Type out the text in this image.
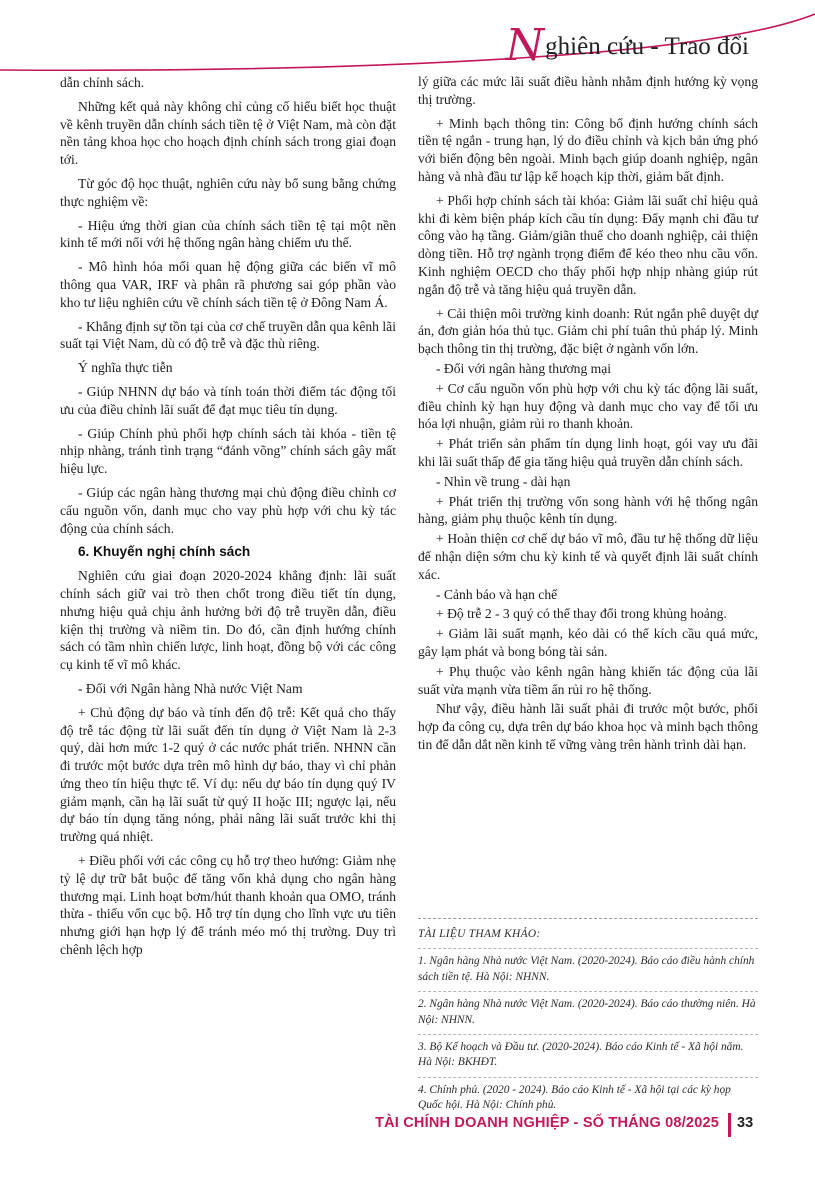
Nghiên cứu - Trao đổi

dẫn chính sách.

Những kết quả này không chỉ củng cố hiểu biết học thuật về kênh truyền dẫn chính sách tiền tệ ở Việt Nam, mà còn đặt nền tảng khoa học cho hoạch định chính sách trong giai đoạn tới.

Từ góc độ học thuật, nghiên cứu này bổ sung bằng chứng thực nghiệm về:

- Hiệu ứng thời gian của chính sách tiền tệ tại một nền kinh tế mới nổi với hệ thống ngân hàng chiếm ưu thế.

- Mô hình hóa mối quan hệ động giữa các biến vĩ mô thông qua VAR, IRF và phân rã phương sai góp phần vào kho tư liệu nghiên cứu về chính sách tiền tệ ở Đông Nam Á.

- Khẳng định sự tồn tại của cơ chế truyền dẫn qua kênh lãi suất tại Việt Nam, dù có độ trễ và đặc thù riêng.

Ý nghĩa thực tiễn

- Giúp NHNN dự báo và tính toán thời điểm tác động tối ưu của điều chỉnh lãi suất để đạt mục tiêu tín dụng.

- Giúp Chính phủ phối hợp chính sách tài khóa - tiền tệ nhịp nhàng, tránh tình trạng “đánh võng” chính sách gây mất hiệu lực.

- Giúp các ngân hàng thương mại chủ động điều chỉnh cơ cấu nguồn vốn, danh mục cho vay phù hợp với chu kỳ tác động của chính sách.

6. Khuyến nghị chính sách

Nghiên cứu giai đoạn 2020-2024 khẳng định: lãi suất chính sách giữ vai trò then chốt trong điều tiết tín dụng, nhưng hiệu quả chịu ảnh hưởng bởi độ trễ truyền dẫn, điều kiện thị trường và niềm tin. Do đó, cần định hướng chính sách có tầm nhìn chiến lược, linh hoạt, đồng bộ với các công cụ kinh tế vĩ mô khác.

- Đối với Ngân hàng Nhà nước Việt Nam

+ Chủ động dự báo và tính đến độ trễ: Kết quả cho thấy độ trễ tác động từ lãi suất đến tín dụng ở Việt Nam là 2-3 quý, dài hơn mức 1-2 quý ở các nước phát triển. NHNN cần đi trước một bước dựa trên mô hình dự báo, thay vì chỉ phản ứng theo tín hiệu thực tế. Ví dụ: nếu dự báo tín dụng quý IV giảm mạnh, cần hạ lãi suất từ quý II hoặc III; ngược lại, nếu dự báo tín dụng tăng nóng, phải nâng lãi suất trước khi thị trường quá nhiệt.

+ Điều phối với các công cụ hỗ trợ theo hướng: Giảm nhẹ tỷ lệ dự trữ bắt buộc để tăng vốn khả dụng cho ngân hàng thương mại. Linh hoạt bơm/hút thanh khoản qua OMO, tránh thừa - thiếu vốn cục bộ. Hỗ trợ tín dụng cho lĩnh vực ưu tiên nhưng giới hạn hợp lý để tránh méo mó thị trường. Duy trì chênh lệch hợp

lý giữa các mức lãi suất điều hành nhằm định hướng kỳ vọng thị trường.

+ Minh bạch thông tin: Công bố định hướng chính sách tiền tệ ngắn - trung hạn, lý do điều chỉnh và kịch bản ứng phó với biến động bên ngoài. Minh bạch giúp doanh nghiệp, ngân hàng và nhà đầu tư lập kế hoạch kịp thời, giảm bất định.

+ Phối hợp chính sách tài khóa: Giảm lãi suất chỉ hiệu quả khi đi kèm biện pháp kích cầu tín dụng: Đẩy mạnh chi đầu tư công vào hạ tầng. Giảm/giãn thuế cho doanh nghiệp, cải thiện dòng tiền. Hỗ trợ ngành trọng điểm để kéo theo nhu cầu vốn. Kinh nghiệm OECD cho thấy phối hợp nhịp nhàng giúp rút ngắn độ trễ và tăng hiệu quả truyền dẫn.

+ Cải thiện môi trường kinh doanh: Rút ngắn phê duyệt dự án, đơn giản hóa thủ tục. Giảm chi phí tuân thủ pháp lý. Minh bạch thông tin thị trường, đặc biệt ở ngành vốn lớn.

- Đối với ngân hàng thương mại

+ Cơ cấu nguồn vốn phù hợp với chu kỳ tác động lãi suất, điều chỉnh kỳ hạn huy động và danh mục cho vay để tối ưu hóa lợi nhuận, giảm rủi ro thanh khoản.

+ Phát triển sản phẩm tín dụng linh hoạt, gói vay ưu đãi khi lãi suất thấp để gia tăng hiệu quả truyền dẫn chính sách.

- Nhìn về trung - dài hạn

+ Phát triển thị trường vốn song hành với hệ thống ngân hàng, giảm phụ thuộc kênh tín dụng.

+ Hoàn thiện cơ chế dự báo vĩ mô, đầu tư hệ thống dữ liệu để nhận diện sớm chu kỳ kinh tế và quyết định lãi suất chính xác.

- Cảnh báo và hạn chế

+ Độ trễ 2 - 3 quý có thể thay đổi trong khủng hoảng.

+ Giảm lãi suất mạnh, kéo dài có thể kích cầu quá mức, gây lạm phát và bong bóng tài sản.

+ Phụ thuộc vào kênh ngân hàng khiến tác động của lãi suất vừa mạnh vừa tiềm ẩn rủi ro hệ thống.

Như vậy, điều hành lãi suất phải đi trước một bước, phối hợp đa công cụ, dựa trên dự báo khoa học và minh bạch thông tin để dẫn dắt nền kinh tế vững vàng trên hành trình dài hạn.

TÀI LIỆU THAM KHẢO:
1. Ngân hàng Nhà nước Việt Nam. (2020-2024). Báo cáo điều hành chính sách tiền tệ. Hà Nội: NHNN.
2. Ngân hàng Nhà nước Việt Nam. (2020-2024). Báo cáo thường niên. Hà Nội: NHNN.
3. Bộ Kế hoạch và Đầu tư. (2020-2024). Báo cáo Kinh tế - Xã hội năm. Hà Nội: BKHĐT.
4. Chính phủ. (2020 - 2024). Báo cáo Kinh tế - Xã hội tại các kỳ họp Quốc hội. Hà Nội: Chính phủ.
TÀI CHÍNH DOANH NGHIỆP - SỐ THÁNG 08/2025 33
